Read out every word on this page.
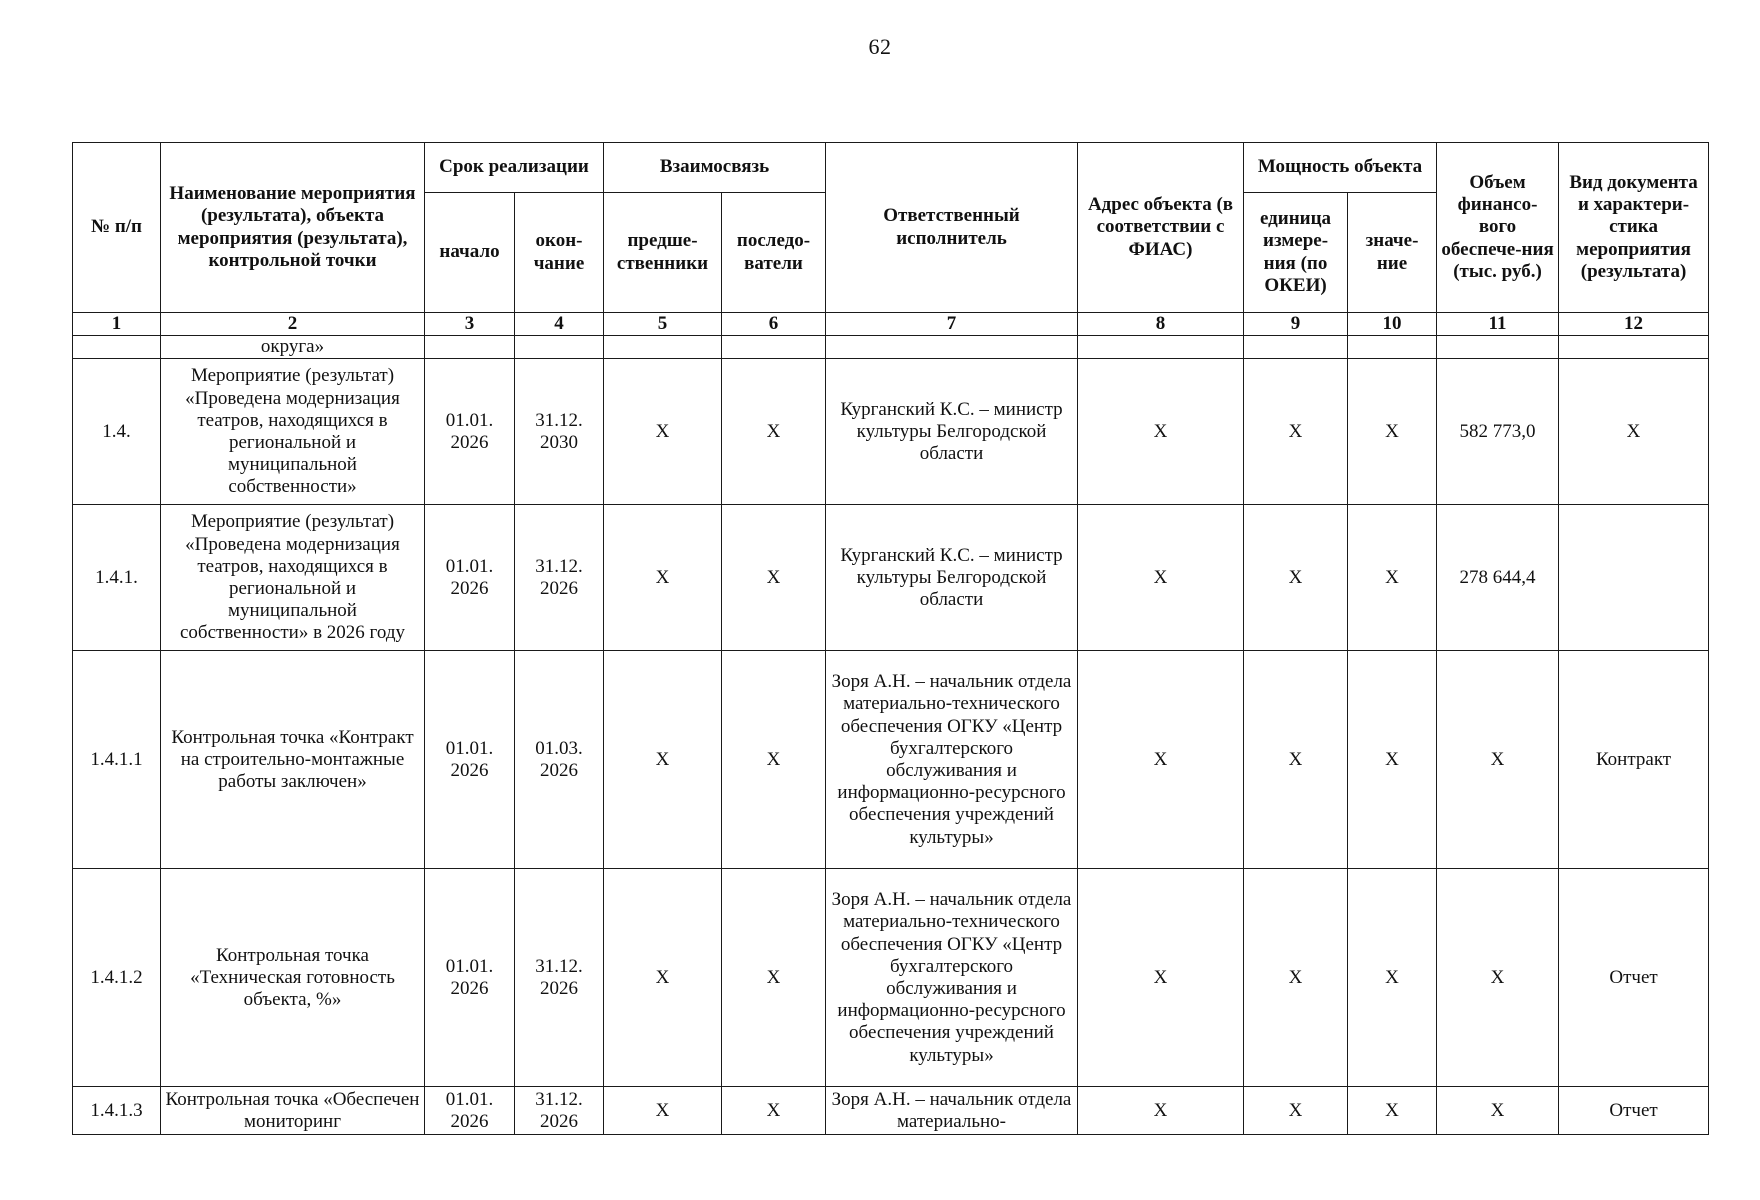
62
№ п/п	Наименование мероприятия (результата), объекта мероприятия (результата), контрольной точки	Срок реализации		Взаимосвязь		Ответственный исполнитель	Адрес объекта (в соответствии с ФИАС)	Мощность объекта		Объем финансо-вого обеспече-ния (тыс. руб.)	Вид документа и характери-стика мероприятия (результата)
		начало	окон-чание	предше-ственники	последо-ватели			единица измере-ния (по ОКЕИ)	значе-ние		
1	2	3	4	5	6	7	8	9	10	11	12
	округа»										
1.4.	Мероприятие (результат) «Проведена модернизация театров, находящихся в региональной и муниципальной собственности»	01.01. 2026	31.12. 2030	X	X	Курганский К.С. – министр культуры Белгородской области	X	X	X	582 773,0	X
1.4.1.	Мероприятие (результат) «Проведена модернизация театров, находящихся в региональной и муниципальной собственности» в 2026 году	01.01. 2026	31.12. 2026	X	X	Курганский К.С. – министр культуры Белгородской области	X	X	X	278 644,4	
1.4.1.1	Контрольная точка «Контракт на строительно-монтажные работы заключен»	01.01. 2026	01.03. 2026	X	X	Зоря А.Н. – начальник отдела материально-технического обеспечения ОГКУ «Центр бухгалтерского обслуживания и информационно-ресурсного обеспечения учреждений культуры»	X	X	X	X	Контракт
1.4.1.2	Контрольная точка «Техническая готовность объекта, %»	01.01. 2026	31.12. 2026	X	X	Зоря А.Н. – начальник отдела материально-технического обеспечения ОГКУ «Центр бухгалтерского обслуживания и информационно-ресурсного обеспечения учреждений культуры»	X	X	X	X	Отчет
1.4.1.3	Контрольная точка «Обеспечен мониторинг	01.01. 2026	31.12. 2026	X	X	Зоря А.Н. – начальник отдела материально-	X	X	X	X	Отчет
